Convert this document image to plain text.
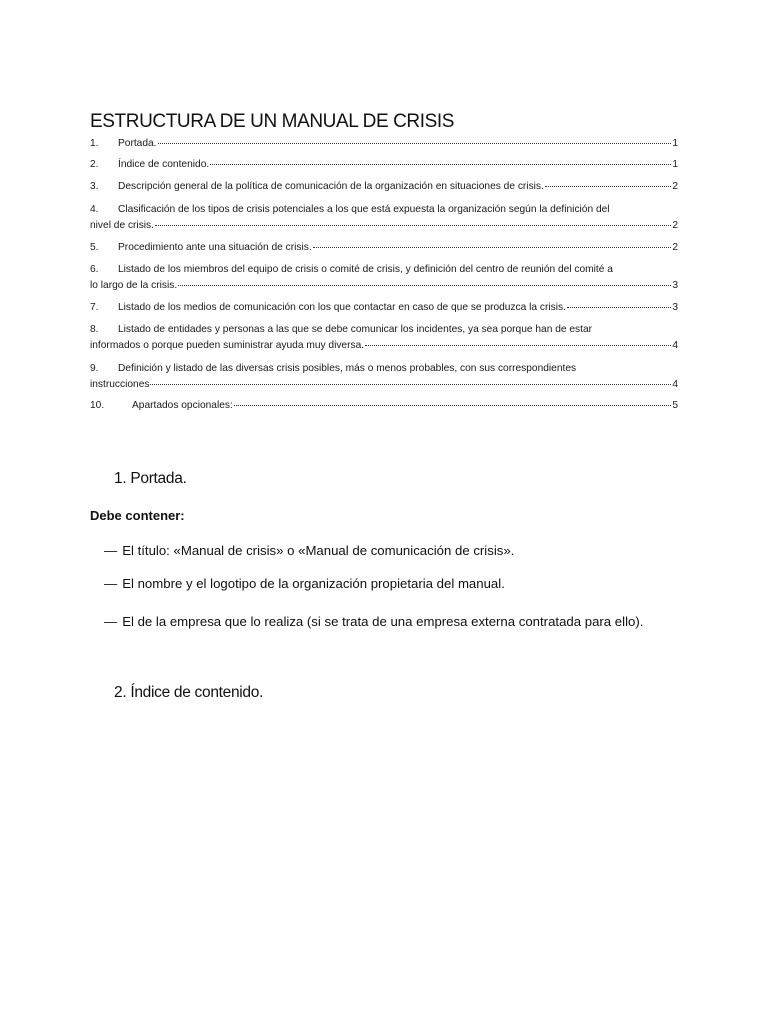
ESTRUCTURA DE UN MANUAL DE CRISIS
1.	Portada.	1
2.	Índice de contenido.	1
3.	Descripción general de la política de comunicación de la organización en situaciones de crisis.	2
4. Clasificación de los tipos de crisis potenciales a los que está expuesta la organización según la definición del
nivel de crisis.	2
5.	Procedimiento ante una situación de crisis.	2
6. Listado de los miembros del equipo de crisis o comité de crisis, y definición del centro de reunión del comité a
lo largo de la crisis.	3
7.	Listado de los medios de comunicación con los que contactar en caso de que se produzca la crisis.	3
8. Listado de entidades y personas a las que se debe comunicar los incidentes, ya sea porque han de estar
informados o porque pueden suministrar ayuda muy diversa.	4
9. Definición y listado de las diversas crisis posibles, más o menos probables, con sus correspondientes
instrucciones	4
10.	Apartados opcionales:	5
1. Portada.

Debe contener:

— El título: «Manual de crisis» o «Manual de comunicación de crisis».
— El nombre y el logotipo de la organización propietaria del manual.
— El de la empresa que lo realiza (si se trata de una empresa externa contratada para ello).
2. Índice de contenido.
